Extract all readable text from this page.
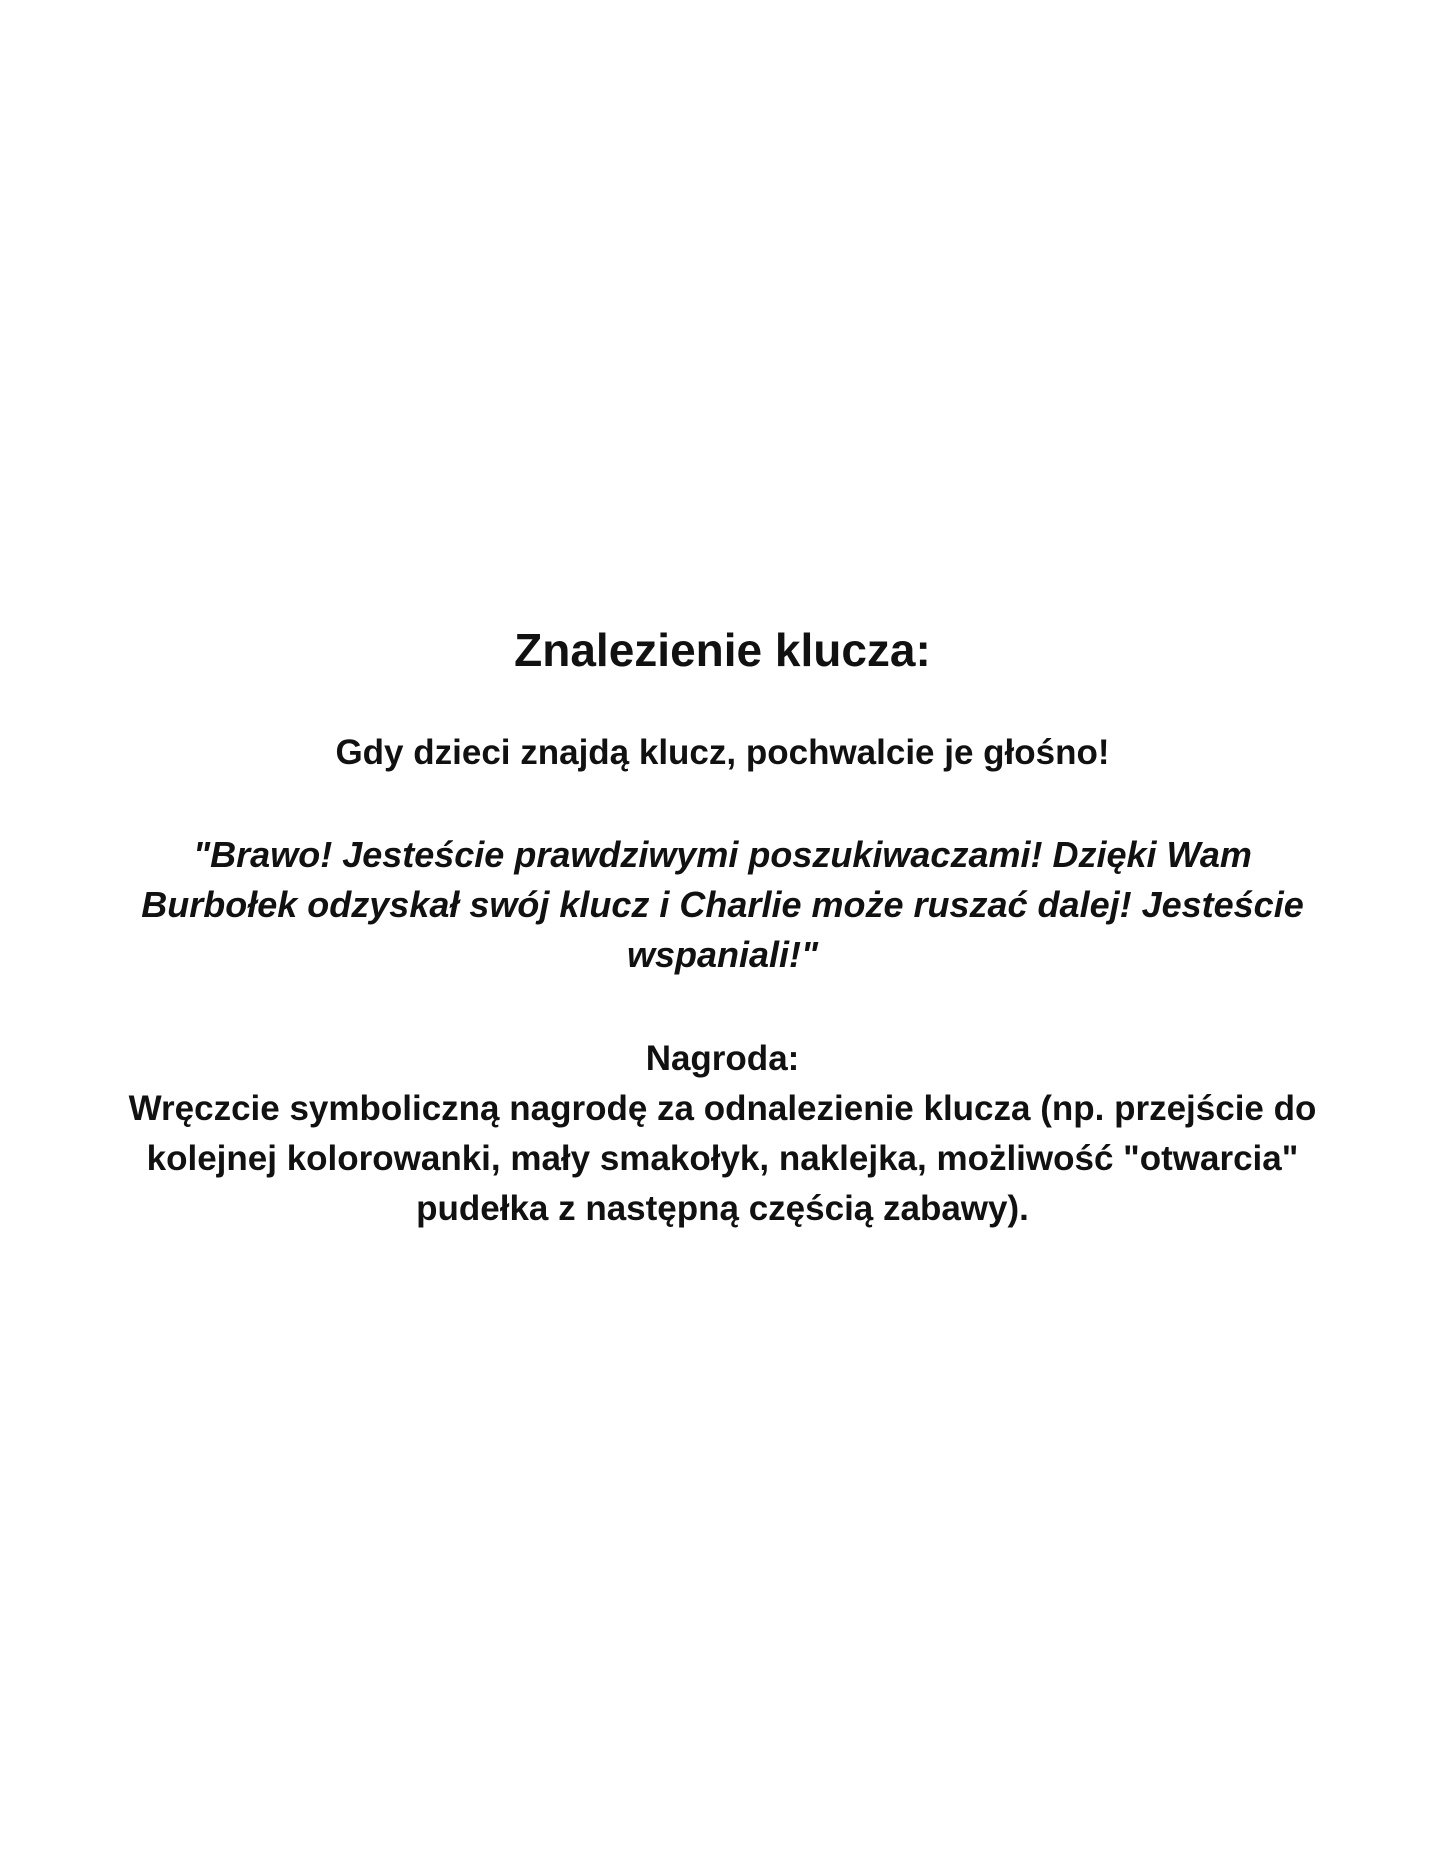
Znalezienie klucza:

Gdy dzieci znajdą klucz, pochwalcie je głośno!

"Brawo! Jesteście prawdziwymi poszukiwaczami! Dzięki Wam
Burbołek odzyskał swój klucz i Charlie może ruszać dalej! Jesteście
wspaniali!"

Nagroda:

Wręczcie symboliczną nagrodę za odnalezienie klucza (np. przejście do
kolejnej kolorowanki, mały smakołyk, naklejka, możliwość "otwarcia"
pudełka z następną częścią zabawy).
